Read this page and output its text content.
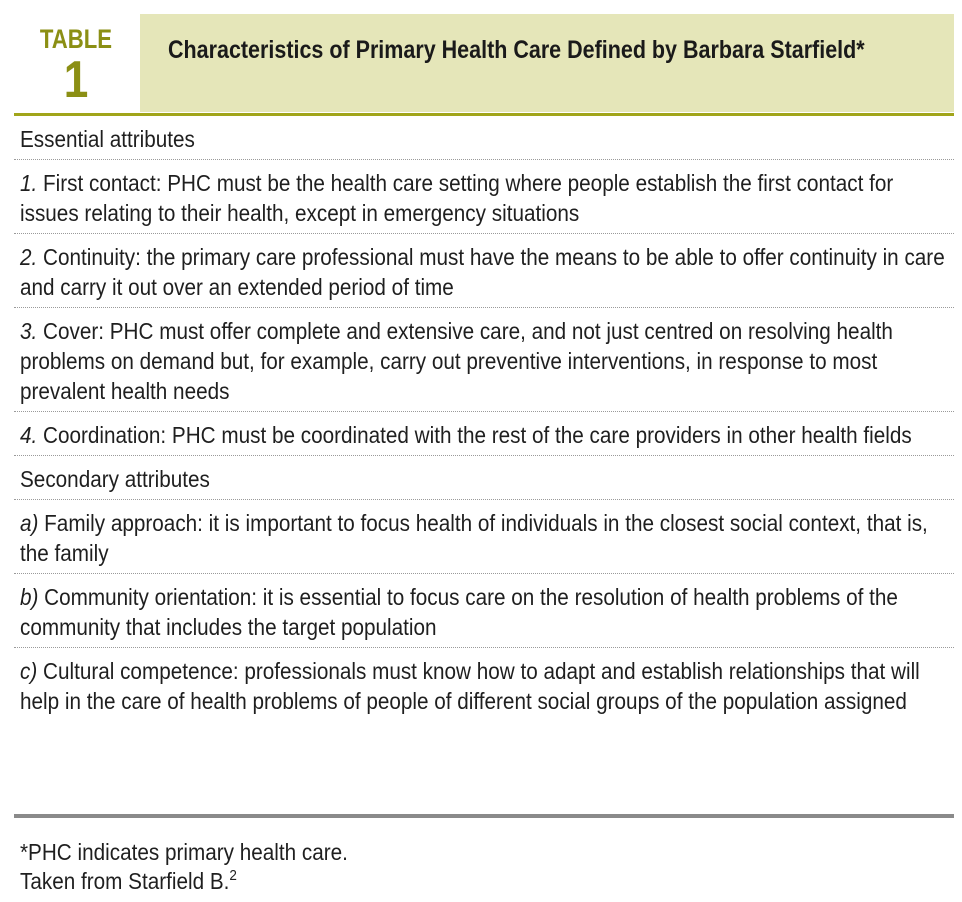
TABLE
1
Characteristics of Primary Health Care Defined by Barbara Starfield*
Essential attributes
1. First contact: PHC must be the health care setting where people establish the first contact for issues relating to their health, except in emergency situations
2. Continuity: the primary care professional must have the means to be able to offer continuity in care and carry it out over an extended period of time
3. Cover: PHC must offer complete and extensive care, and not just centred on resolving health problems on demand but, for example, carry out preventive interventions, in response to most prevalent health needs
4. Coordination: PHC must be coordinated with the rest of the care providers in other health fields
Secondary attributes
a) Family approach: it is important to focus health of individuals in the closest social context, that is, the family
b) Community orientation: it is essential to focus care on the resolution of health problems of the community that includes the target population
c) Cultural competence: professionals must know how to adapt and establish relationships that will help in the care of health problems of people of different social groups of the population assigned
*PHC indicates primary health care.
Taken from Starfield B.$^2$
